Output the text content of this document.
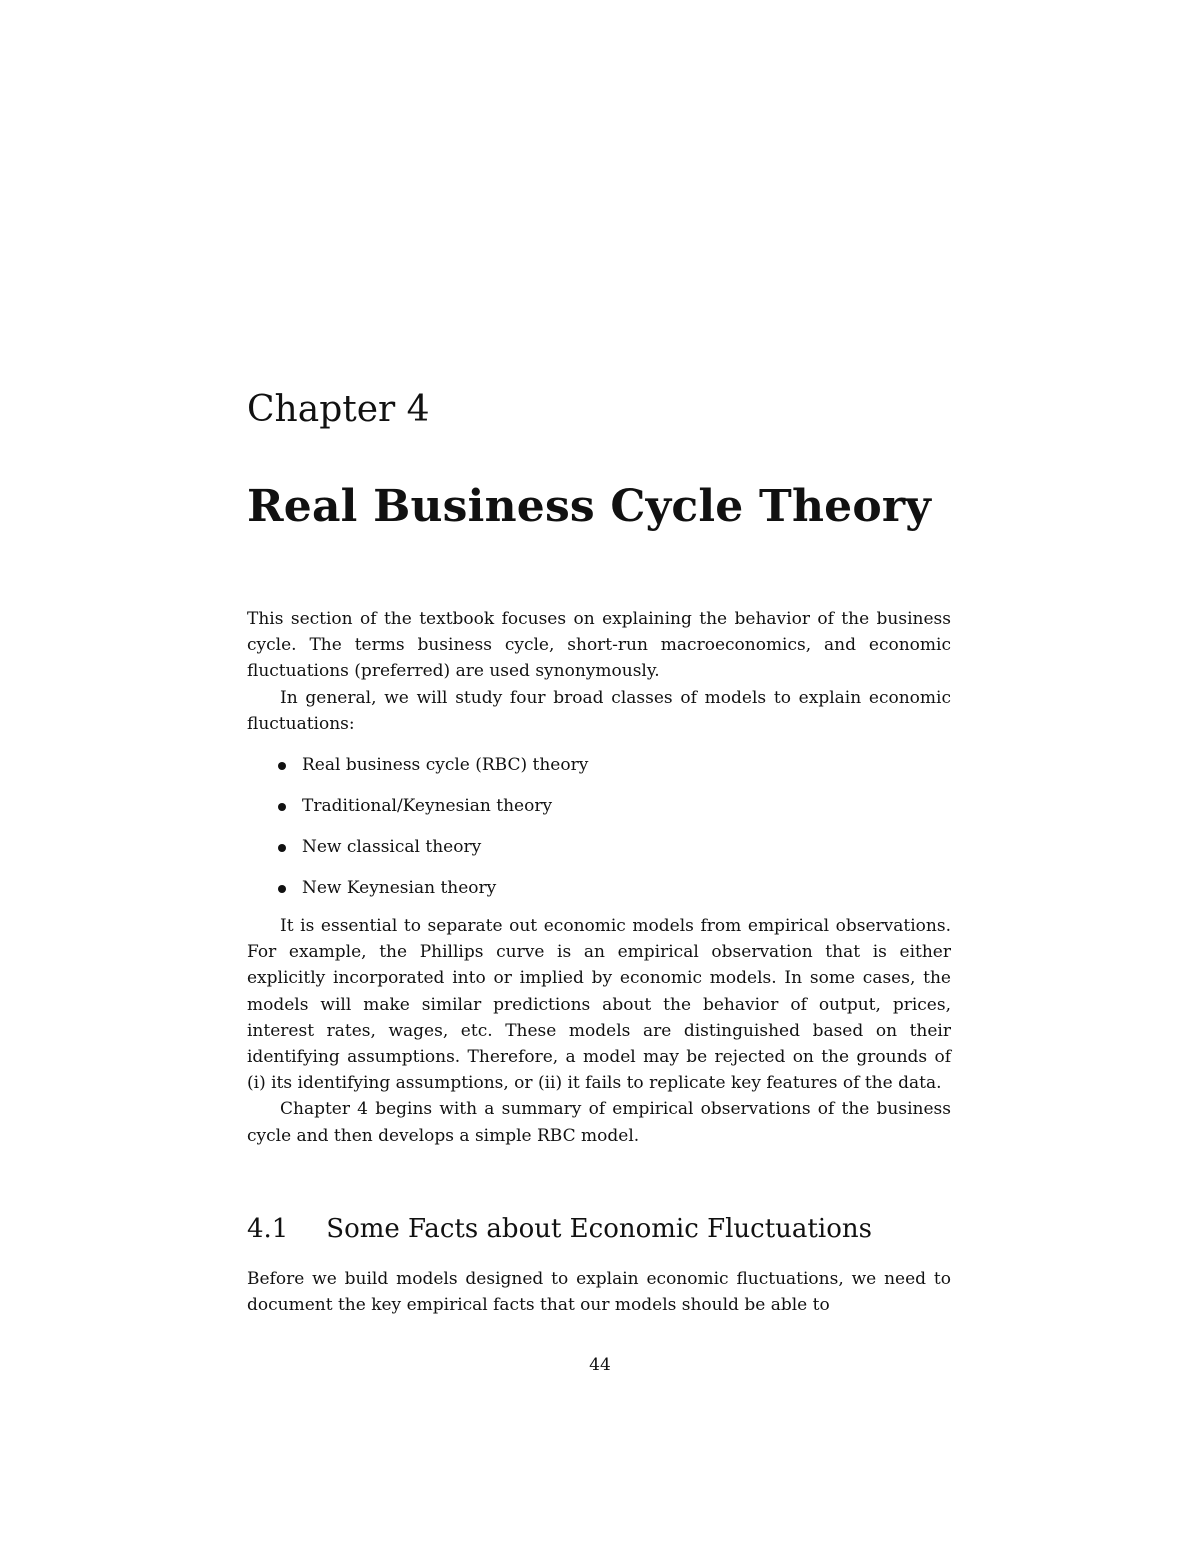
Chapter 4
Real Business Cycle Theory

This section of the textbook focuses on explaining the behavior of the business cycle. The terms business cycle, short-run macroeconomics, and economic fluctuations (preferred) are used synonymously.

In general, we will study four broad classes of models to explain economic fluctuations:

Real business cycle (RBC) theory
Traditional/Keynesian theory
New classical theory
New Keynesian theory

It is essential to separate out economic models from empirical observations. For example, the Phillips curve is an empirical observation that is either explicitly incorporated into or implied by economic models. In some cases, the models will make similar predictions about the behavior of output, prices, interest rates, wages, etc. These models are distinguished based on their identifying assumptions. Therefore, a model may be rejected on the grounds of (i) its identifying assumptions, or (ii) it fails to replicate key features of the data.

Chapter 4 begins with a summary of empirical observations of the business cycle and then develops a simple RBC model.

4.1 Some Facts about Economic Fluctuations

Before we build models designed to explain economic fluctuations, we need to document the key empirical facts that our models should be able to

44
